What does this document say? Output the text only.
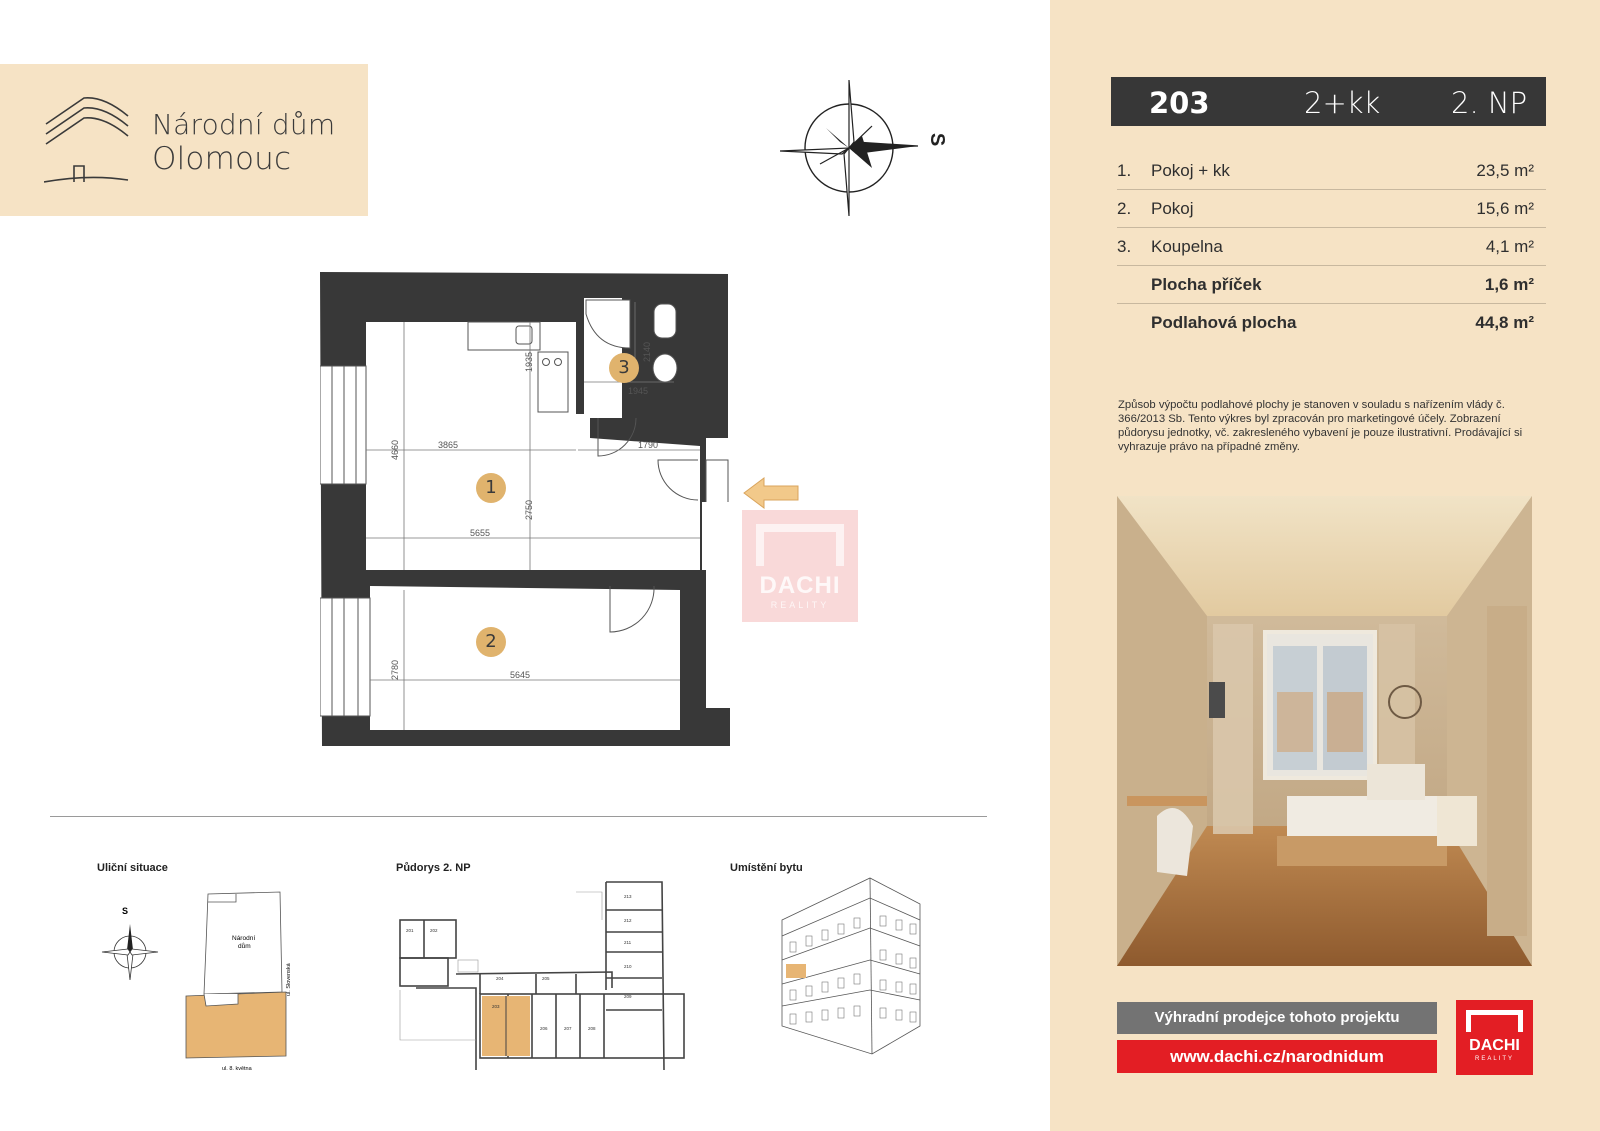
Národní dům
Olomouc
S
4660	3865
1935	2140
1945
1790
2750
5655
2780	5645
1
2
3
DACHI
REALITY
Uliční situace	Půdorys 2. NP	Umístění bytu
S
Národní
dům
ul. Slovenská
ul. 8. května
201	202
203
204	205
206	207	208
209
210
211
212
213
203	2+kk 2. NP
1. Pokoj + kk	23,5 m²
2. Pokoj	15,6 m²
3. Koupelna	4,1 m²
Plocha příček	1,6 m²
Podlahová plocha	44,8 m²
Způsob výpočtu podlahové plochy je stanoven v souladu s nařízením vlády č. 366/2013 Sb. Tento výkres byl zpracován pro marketingové účely. Zobrazení půdorysu jednotky, vč. zakresleného vybavení je pouze ilustrativní. Prodávající si vyhrazuje právo na případné změny.
Výhradní prodejce tohoto projektu
www.dachi.cz/narodnidum
DACHI
REALITY
